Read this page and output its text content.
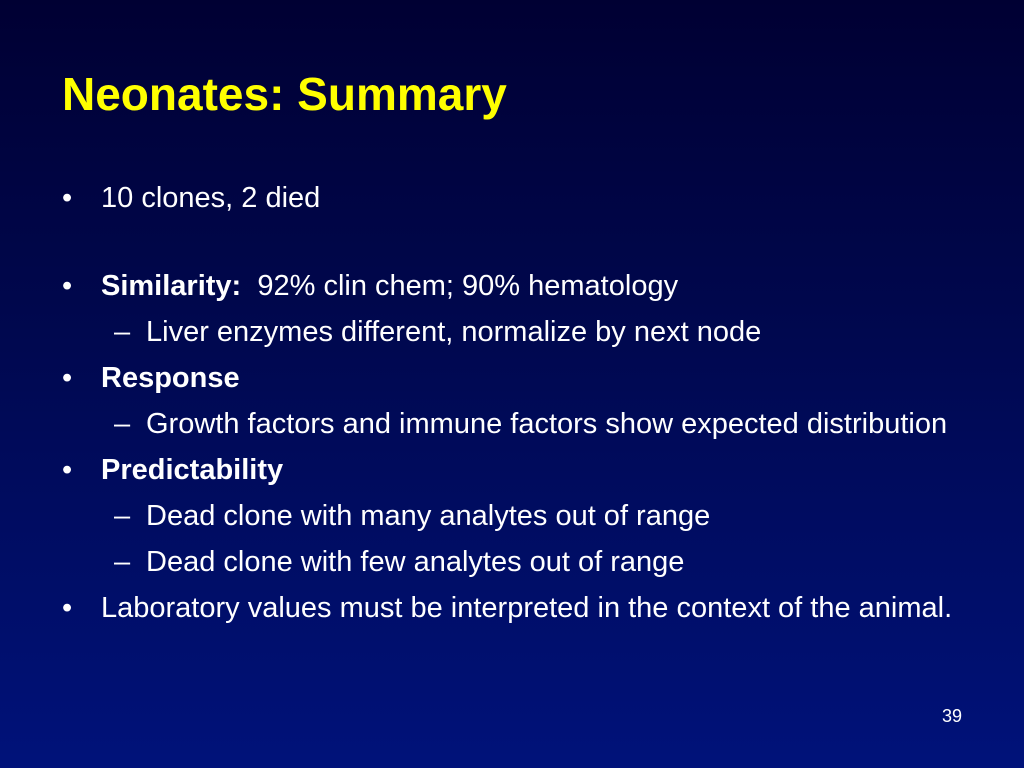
Neonates: Summary
• 10 clones, 2 died
• Similarity: 92% clin chem; 90% hematology
– Liver enzymes different, normalize by next node
• Response
– Growth factors and immune factors show expected distribution
• Predictability
– Dead clone with many analytes out of range
– Dead clone with few analytes out of range
• Laboratory values must be interpreted in the context of the animal.
39
